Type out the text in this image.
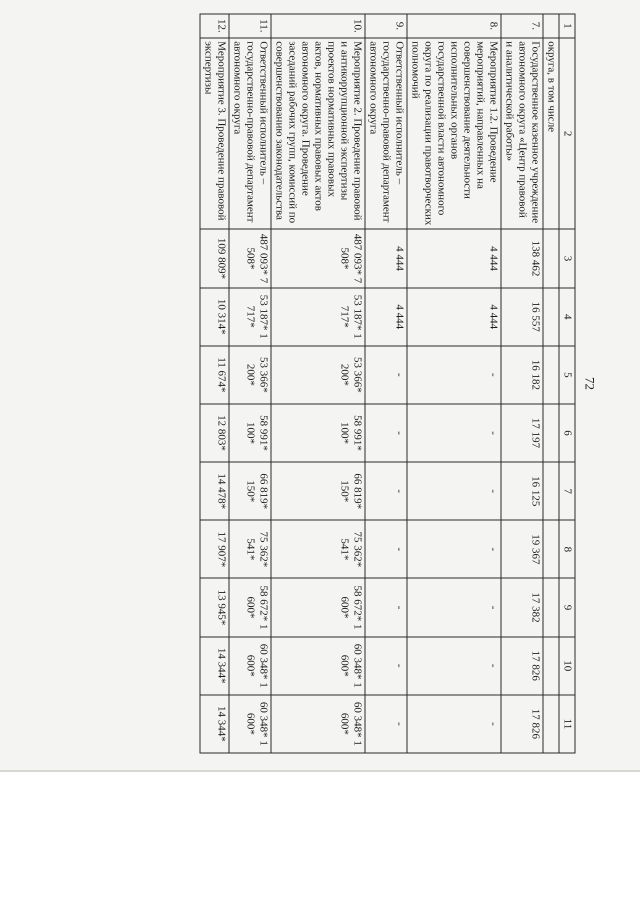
72
1	2	3	4	5	6	7	8	9	10	11
	округа, в том числе									
7.	Государственное казенное учреждение автономного округа «Центр правовой и аналитической работы»	138 462	16 557	16 182	17 197	16 125	19 367	17 382	17 826	17 826
8.	Мероприятие 1.2. Проведение мероприятий, направленных на совершенствование деятельности исполнительных органов государственной власти автономного округа по реализации правотворческих полномочий	4 444	4 444	-	-	-	-	-	-	-
9.	Ответственный исполнитель – государственно-правовой департамент автономного округа	4 444	4 444	-	-	-	-	-	-	-
10.	Мероприятие 2. Проведение правовой и антикоррупционной экспертизы проектов нормативных правовых актов, нормативных правовых актов автономного округа. Проведение заседаний рабочих групп, комиссий по совершенствованию законодательства	487 093* 7 508*	53 187* 1 717*	53 366* 200*	58 991* 100*	66 819* 150*	75 362* 541*	58 672* 1 600*	60 348* 1 600*	60 348* 1 600*
11.	Ответственный исполнитель – государственно-правовой департамент автономного округа	487 093* 7 508*	53 187* 1 717*	53 366* 200*	58 991* 100*	66 819* 150*	75 362* 541*	58 672* 1 600*	60 348* 1 600*	60 348* 1 600*
12.	Мероприятие 3. Проведение правовой экспертизы	109 809*	10 314*	11 674*	12 803*	14 478*	17 907*	13 945*	14 344*	14 344*
